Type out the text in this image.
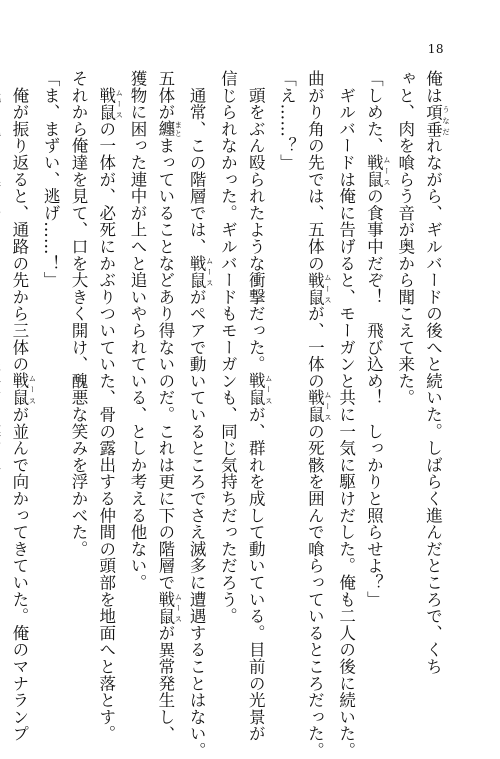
18
俺は項垂 うなだれながら、ギルバードの後へと続いた。しばらく進んだところで、くち
ゃと、肉を喰らう音が奥から聞こえて来た。
「しめた、戦鼠 ムースの食事中だぞ！　飛び込め！　しっかりと照らせよ？」
　ギルバードは俺に告げると、モーガンと共に一気に駆けだした。俺も二人の後に続いた。
曲がり角の先では、五体の戦鼠 ムースが、一体の戦鼠 ムースの死骸を囲んで喰らっているところだった。
「え……？」
　頭をぶん殴られたような衝撃だった。戦鼠 ムースが、群れを成して動いている。目前の光景が
信じられなかった。ギルバードもモーガンも、同じ気持ちだっただろう。
　通常、この階層では、戦鼠 ムースがペアで動いているところでさえ滅多に遭遇することはない。
五体が纏 まとまっていることなどあり得ないのだ。これは更に下の階層で戦鼠 ムースが異常発生し、
獲物に困った連中が上へと追いやられている、としか考える他ない。
　戦鼠 ムースの一体が、必死にかぶりついていた、骨の露出する仲間の頭部を地面へと落とす。
それから俺達を見て、口を大きく開け、醜悪な笑みを浮かべた。
「ま、まずい、逃げ……！」
　俺が振り返ると、通路の先から三体の戦鼠 ムースが並んで向かってきていた。俺のマナランプ
